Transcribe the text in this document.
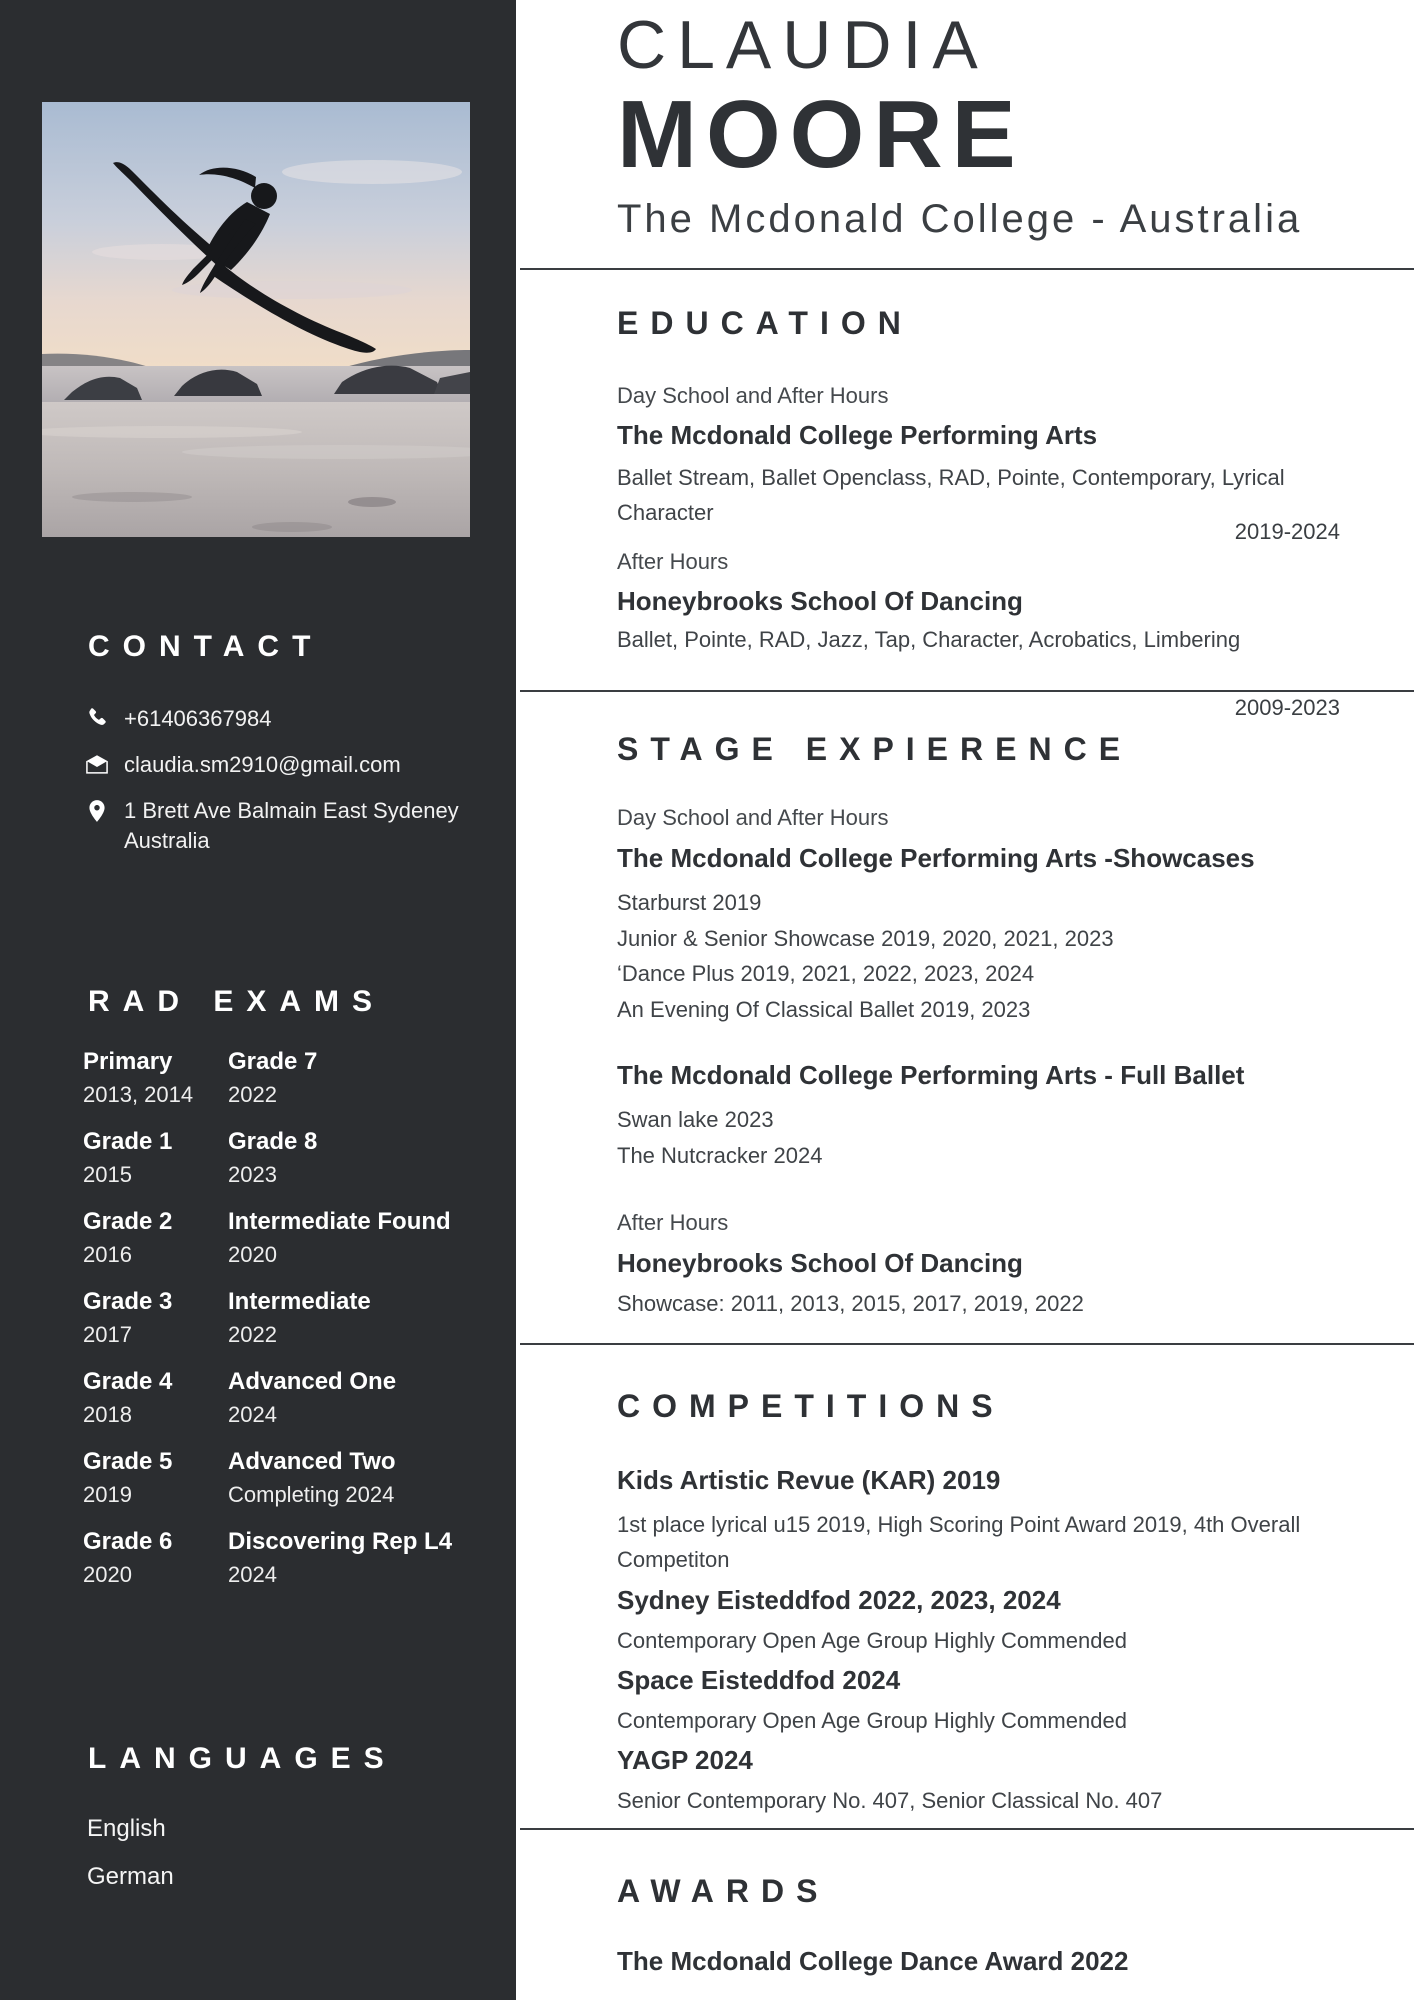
CONTACT
+61406367984
claudia.sm2910@gmail.com
1 Brett Ave Balmain East Sydeney Australia
RAD EXAMS
Primary
2013, 2014
Grade 7
2022
Grade 1
2015
Grade 8
2023
Grade 2
2016
Intermediate Found
2020
Grade 3
2017
Intermediate
2022
Grade 4
2018
Advanced One
2024
Grade 5
2019
Advanced Two
Completing 2024
Grade 6
2020
Discovering Rep L4
2024
LANGUAGES
English
German
CLAUDIA
MOORE
The Mcdonald College - Australia
EDUCATION
Day School and After Hours
The Mcdonald College Performing Arts
Ballet Stream, Ballet Openclass, RAD, Pointe, Contemporary, Lyrical Character
2019-2024
After Hours
Honeybrooks School Of Dancing
Ballet, Pointe, RAD, Jazz, Tap, Character, Acrobatics, Limbering
2009-2023
STAGE EXPIERENCE
Day School and After Hours
The Mcdonald College Performing Arts -Showcases
Starburst 2019
Junior & Senior Showcase 2019, 2020, 2021, 2023
‘Dance Plus 2019, 2021, 2022, 2023, 2024
An Evening Of Classical Ballet 2019, 2023
The Mcdonald College Performing Arts - Full Ballet
Swan lake 2023
The Nutcracker 2024
After Hours
Honeybrooks School Of Dancing
Showcase: 2011, 2013, 2015, 2017, 2019, 2022
COMPETITIONS
Kids Artistic Revue (KAR) 2019
1st place lyrical u15 2019, High Scoring Point Award 2019, 4th Overall Competiton
Sydney Eisteddfod 2022, 2023, 2024
Contemporary Open Age Group Highly Commended
Space Eisteddfod 2024
Contemporary Open Age Group Highly Commended
YAGP 2024
Senior Contemporary No. 407, Senior Classical No. 407
AWARDS
The Mcdonald College Dance Award 2022
